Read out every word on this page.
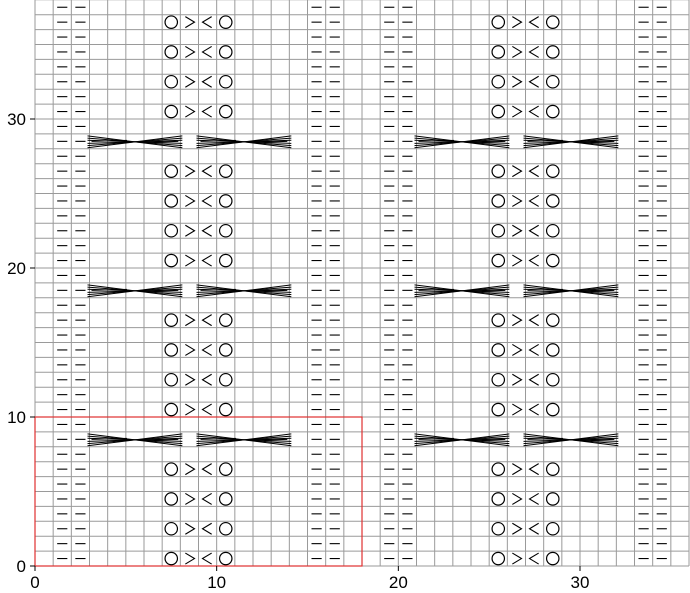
0	10	20	30
0
10
20
30
